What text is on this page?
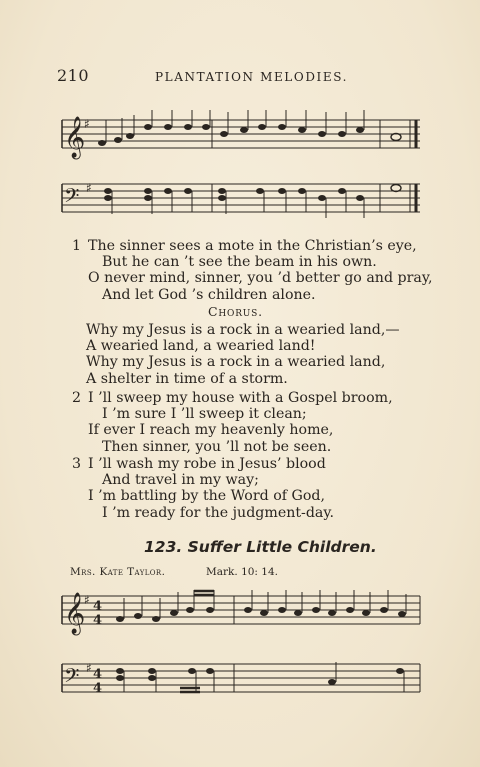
210	PLANTATION MELODIES.
𝄞
♯
𝄢 ♯
1 The sinner sees a mote in the Christian’s eye,
But he can ’t see the beam in his own.
O never mind, sinner, you ’d better go and pray,
And let God ’s children alone.
Chorus.
Why my Jesus is a rock in a wearied land,—
A wearied land, a wearied land!
Why my Jesus is a rock in a wearied land,
A shelter in time of a storm.
2 I ’ll sweep my house with a Gospel broom,
I ’m sure I ’ll sweep it clean;
If ever I reach my heavenly home,
Then sinner, you ’ll not be seen.
3 I ’ll wash my robe in Jesus’ blood
And travel in my way;
I ’m battling by the Word of God,
I ’m ready for the judgment-day.
123. Suffer Little Children.
Mrs. Kate Taylor.	Mark. 10: 14.
𝄞
♯ 4
4
𝄢 ♯ 4
4
